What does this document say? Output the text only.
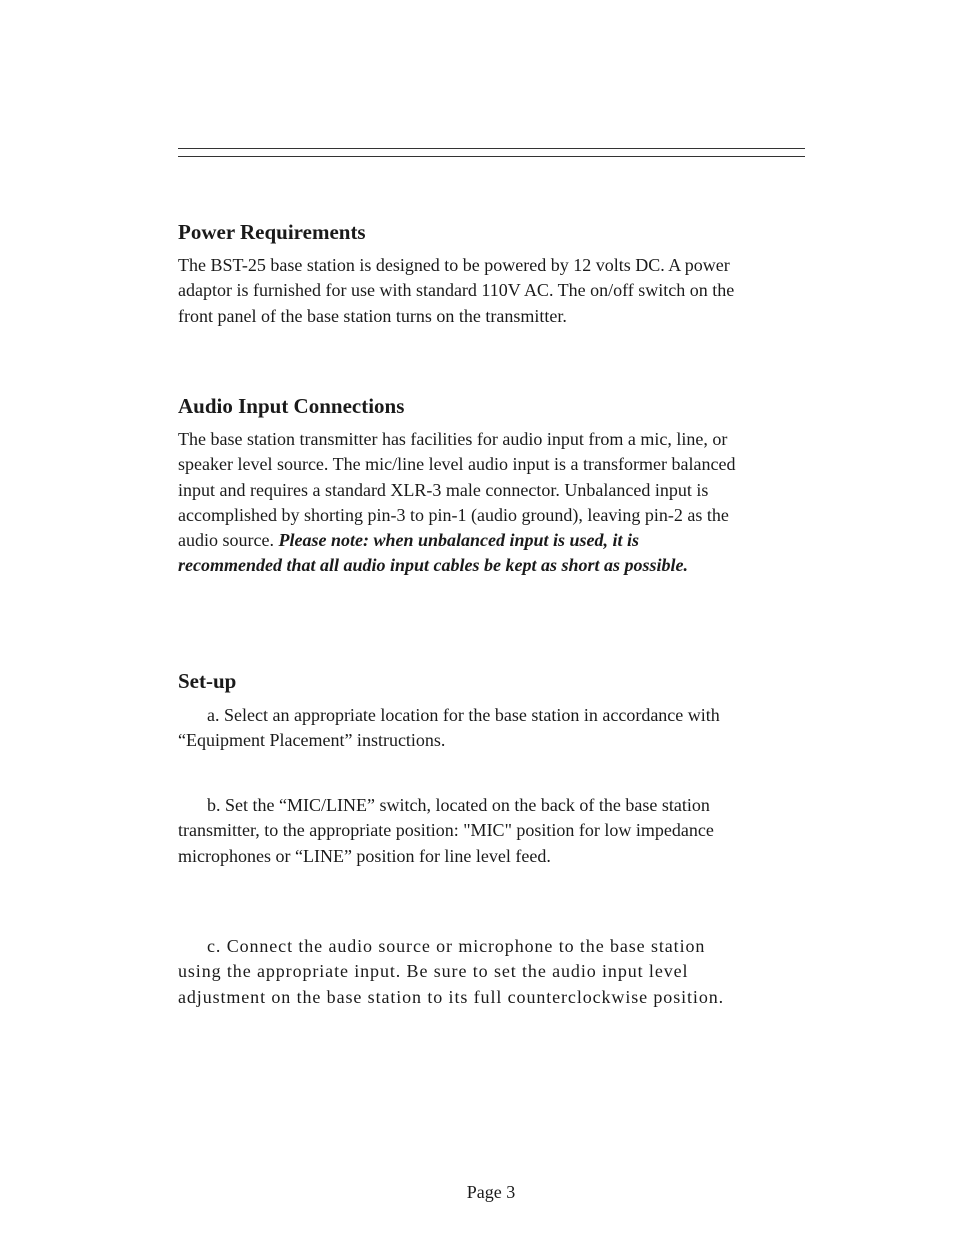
Power Requirements

The BST-25 base station is designed to be powered by 12 volts DC. A power adaptor is furnished for use with standard 110V AC. The on/off switch on the front panel of the base station turns on the transmitter.

Audio Input Connections

The base station transmitter has facilities for audio input from a mic, line, or speaker level source. The mic/line level audio input is a transformer balanced input and requires a standard XLR-3 male connector. Unbalanced input is accomplished by shorting pin-3 to pin-1 (audio ground), leaving pin-2 as the audio source. Please note: when unbalanced input is used, it is recommended that all audio input cables be kept as short as possible.

Set-up

a. Select an appropriate location for the base station in accordance with “Equipment Placement” instructions.

b. Set the “MIC/LINE” switch, located on the back of the base station transmitter, to the appropriate position: "MIC" position for low impedance microphones or “LINE” position for line level feed.

c. Connect the audio source or microphone to the base station using the appropriate input. Be sure to set the audio input level adjustment on the base station to its full counterclockwise position.

Page 3
